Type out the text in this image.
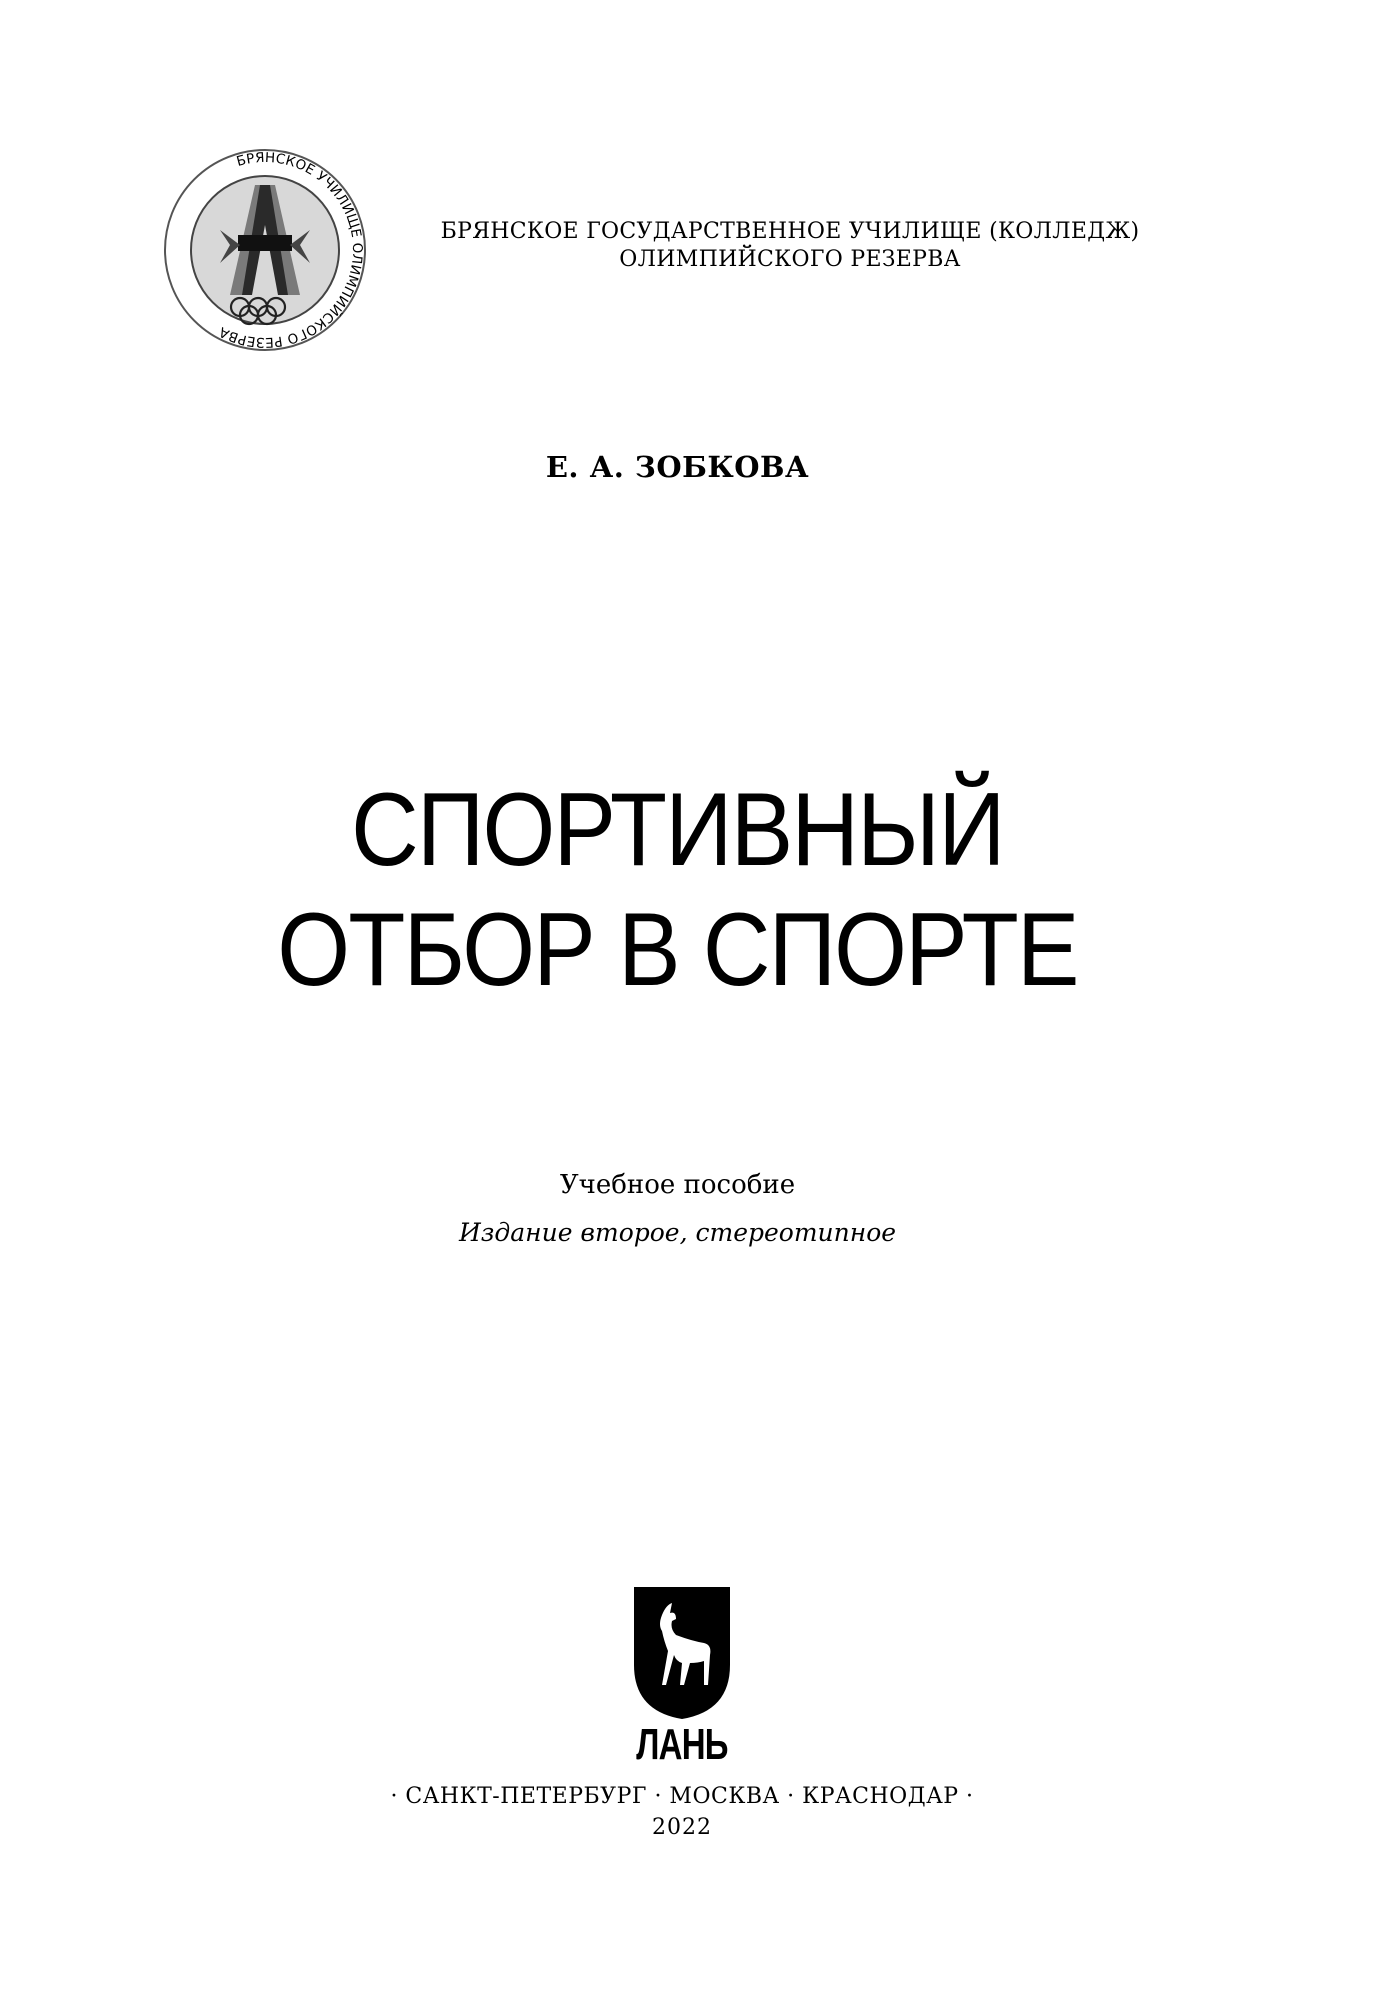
БРЯНСКОЕ УЧИЛИЩЕ ОЛИМПИЙСКОГО РЕЗЕРВА
БРЯНСКОЕ ГОСУДАРСТВЕННОЕ УЧИЛИЩЕ (КОЛЛЕДЖ)
ОЛИМПИЙСКОГО РЕЗЕРВА
Е. А. ЗОБКОВА
СПОРТИВНЫЙ
ОТБОР В СПОРТЕ
Учебное пособие
Издание второе, стереотипное
ЛАНЬ
· САНКТ-ПЕТЕРБУРГ · МОСКВА · КРАСНОДАР ·
2022
